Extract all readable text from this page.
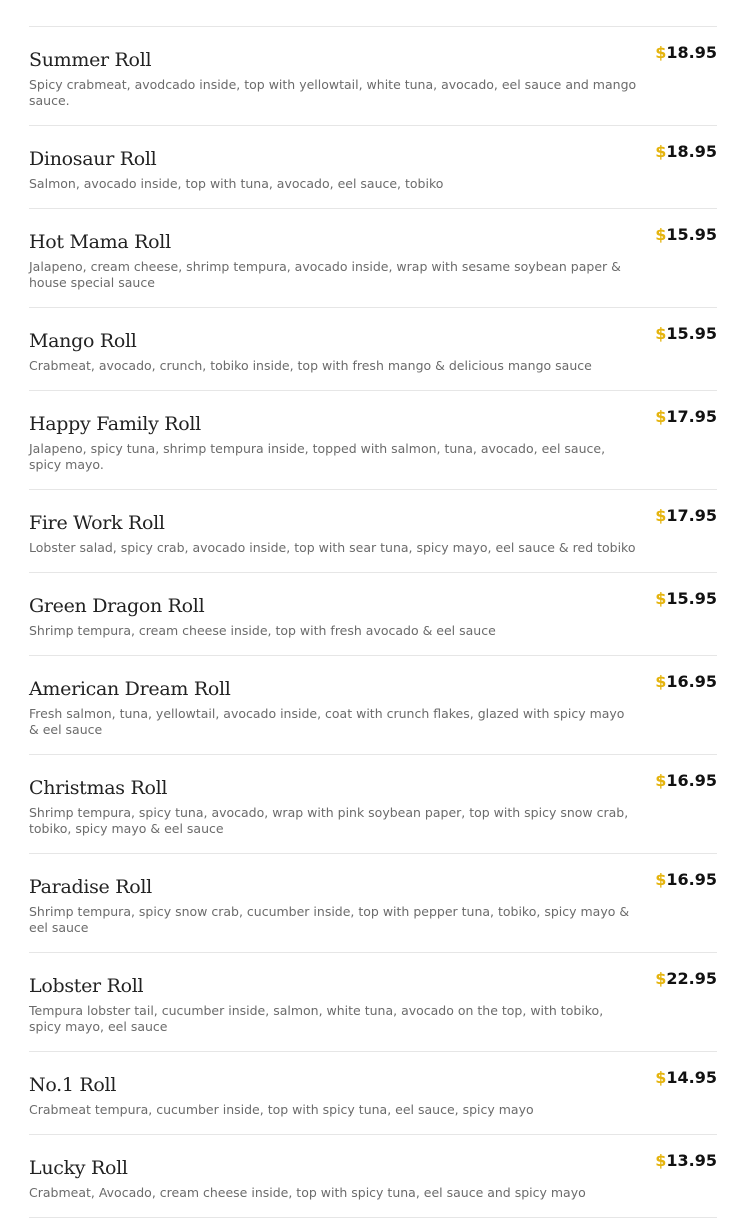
Summer Roll
Spicy crabmeat, avodcado inside, top with yellowtail, white tuna, avocado, eel sauce and mango sauce.
$18.95
Dinosaur Roll
Salmon, avocado inside, top with tuna, avocado, eel sauce, tobiko
$18.95
Hot Mama Roll
Jalapeno, cream cheese, shrimp tempura, avocado inside, wrap with sesame soybean paper & house special sauce
$15.95
Mango Roll
Crabmeat, avocado, crunch, tobiko inside, top with fresh mango & delicious mango sauce
$15.95
Happy Family Roll
Jalapeno, spicy tuna, shrimp tempura inside, topped with salmon, tuna, avocado, eel sauce, spicy mayo.
$17.95
Fire Work Roll
Lobster salad, spicy crab, avocado inside, top with sear tuna, spicy mayo, eel sauce & red tobiko
$17.95
Green Dragon Roll
Shrimp tempura, cream cheese inside, top with fresh avocado & eel sauce
$15.95
American Dream Roll
Fresh salmon, tuna, yellowtail, avocado inside, coat with crunch flakes, glazed with spicy mayo & eel sauce
$16.95
Christmas Roll
Shrimp tempura, spicy tuna, avocado, wrap with pink soybean paper, top with spicy snow crab, tobiko, spicy mayo & eel sauce
$16.95
Paradise Roll
Shrimp tempura, spicy snow crab, cucumber inside, top with pepper tuna, tobiko, spicy mayo & eel sauce
$16.95
Lobster Roll
Tempura lobster tail, cucumber inside, salmon, white tuna, avocado on the top, with tobiko, spicy mayo, eel sauce
$22.95
No.1 Roll
Crabmeat tempura, cucumber inside, top with spicy tuna, eel sauce, spicy mayo
$14.95
Lucky Roll
Crabmeat, Avocado, cream cheese inside, top with spicy tuna, eel sauce and spicy mayo
$13.95
